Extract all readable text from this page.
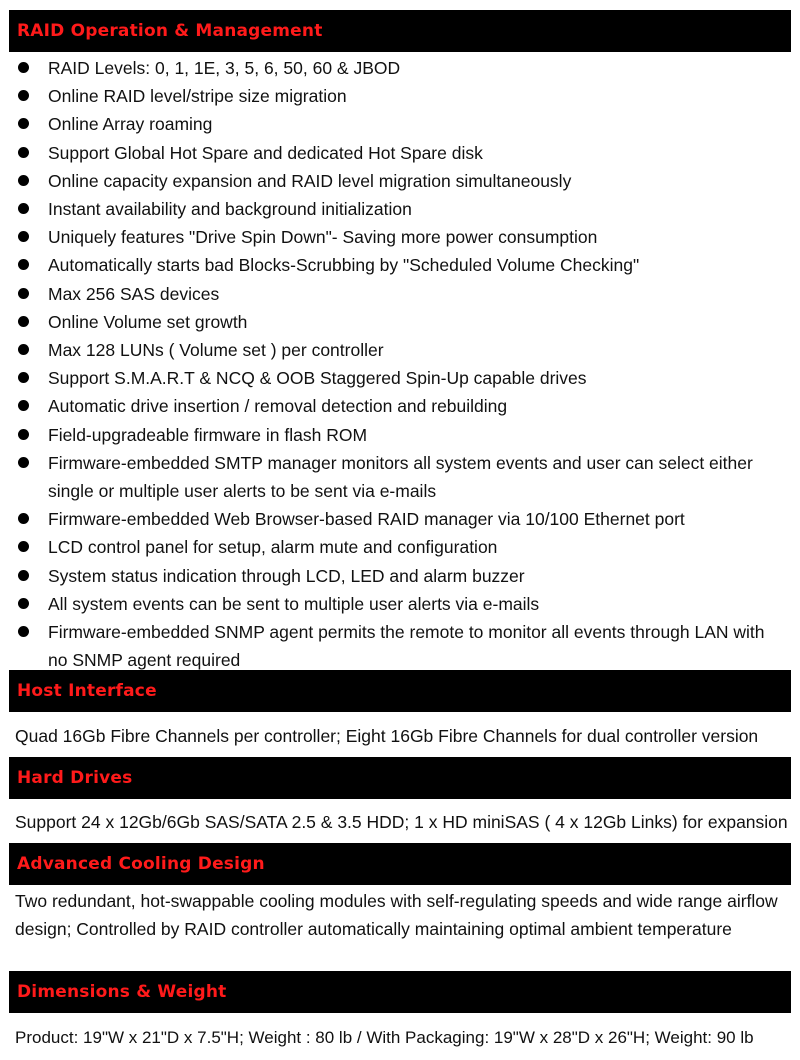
RAID Operation & Management
RAID Levels: 0, 1, 1E, 3, 5, 6, 50, 60 & JBOD
Online RAID level/stripe size migration
Online Array roaming
Support Global Hot Spare and dedicated Hot Spare disk
Online capacity expansion and RAID level migration simultaneously
Instant availability and background initialization
Uniquely features "Drive Spin Down"- Saving more power consumption
Automatically starts bad Blocks-Scrubbing by "Scheduled Volume Checking"
Max 256 SAS devices
Online Volume set growth
Max 128 LUNs ( Volume set ) per controller
Support S.M.A.R.T & NCQ & OOB Staggered Spin-Up capable drives
Automatic drive insertion / removal detection and rebuilding
Field-upgradeable firmware in flash ROM
Firmware-embedded SMTP manager monitors all system events and user can select either single or multiple user alerts to be sent via e-mails
Firmware-embedded Web Browser-based RAID manager via 10/100 Ethernet port
LCD control panel for setup, alarm mute and configuration
System status indication through LCD, LED and alarm buzzer
All system events can be sent to multiple user alerts via e-mails
Firmware-embedded SNMP agent permits the remote to monitor all events through LAN with no SNMP agent required
Host Interface

Quad 16Gb Fibre Channels per controller; Eight 16Gb Fibre Channels for dual controller version

Hard Drives

Support 24 x 12Gb/6Gb SAS/SATA 2.5 & 3.5 HDD; 1 x HD miniSAS ( 4 x 12Gb Links) for expansion

Advanced Cooling Design

Two redundant, hot-swappable cooling modules with self-regulating speeds and wide range airflow design; Controlled by RAID controller automatically maintaining optimal ambient temperature

Dimensions & Weight

Product: 19"W x 21"D x 7.5"H; Weight : 80 lb / With Packaging: 19"W x 28"D x 26"H; Weight: 90 lb
